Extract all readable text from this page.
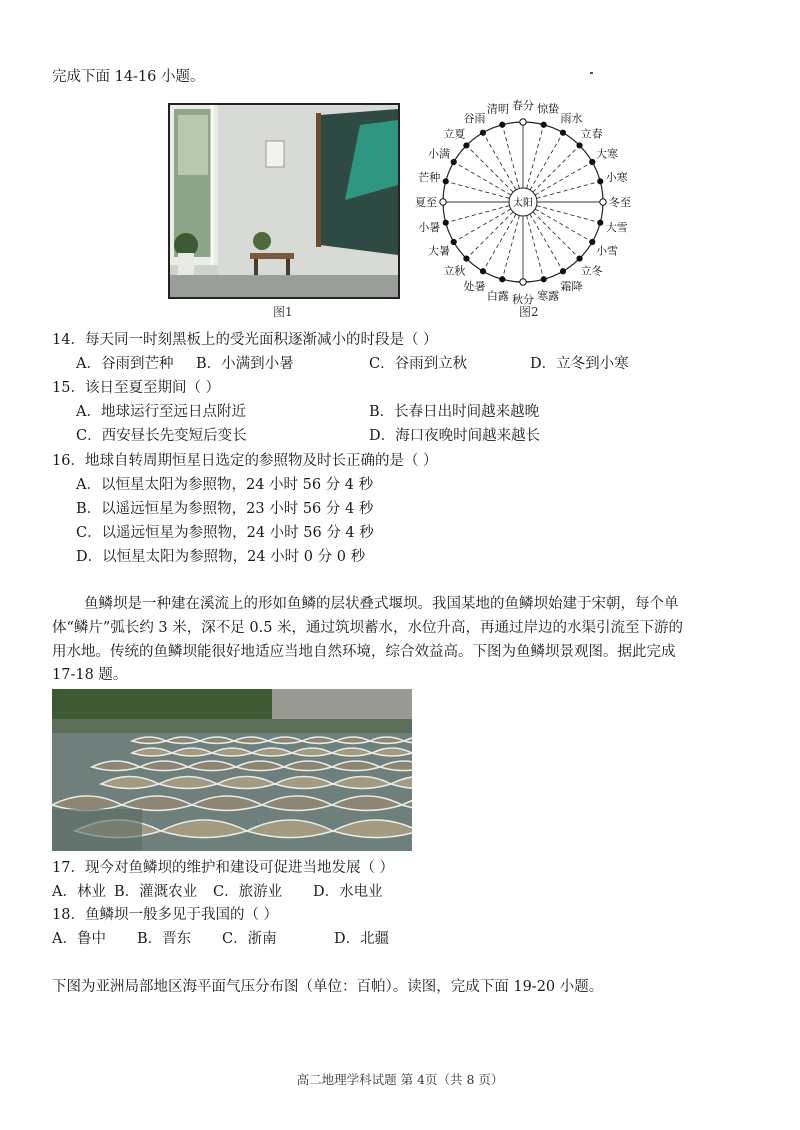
完成下面 14-16 小题。
图1
春分 惊蛰
雨水
立春
大寒
小寒
冬至
大雪
小雪
立冬
霜降
寒露
秋分
白露
处暑
立秋
大暑
小暑
夏至
芒种
小满
立夏
谷雨
清明
太阳
图2
14．每天同一时刻黑板上的受光面积逐渐减小的时段是（ ）
A．谷雨到芒种 B．小满到小暑	C．谷雨到立秋	D．立冬到小寒
15．该日至夏至期间（ ）
A．地球运行至远日点附近	B．长春日出时间越来越晚
C．西安昼长先变短后变长	D．海口夜晚时间越来越长
16．地球自转周期恒星日选定的参照物及时长正确的是（ ）
A．以恒星太阳为参照物，24 小时 56 分 4 秒
B．以遥远恒星为参照物，23 小时 56 分 4 秒
C．以遥远恒星为参照物，24 小时 56 分 4 秒
D．以恒星太阳为参照物，24 小时 0 分 0 秒
鱼鳞坝是一种建在溪流上的形如鱼鳞的层状叠式堰坝。我国某地的鱼鳞坝始建于宋朝，每个单
体“鳞片”弧长约 3 米，深不足 0.5 米，通过筑坝蓄水，水位升高，再通过岸边的水渠引流至下游的
用水地。传统的鱼鳞坝能很好地适应当地自然环境，综合效益高。下图为鱼鳞坝景观图。据此完成
17-18 题。
17．现今对鱼鳞坝的维护和建设可促进当地发展（ ）
A．林业 B．灌溉农业 C．旅游业 D．水电业
18．鱼鳞坝一般多见于我国的（ ）
A．鲁中 B．晋东 C．浙南	D．北疆
下图为亚洲局部地区海平面气压分布图（单位：百帕）。读图，完成下面 19-20 小题。
高二地理学科试题 第 4页（共 8 页）
